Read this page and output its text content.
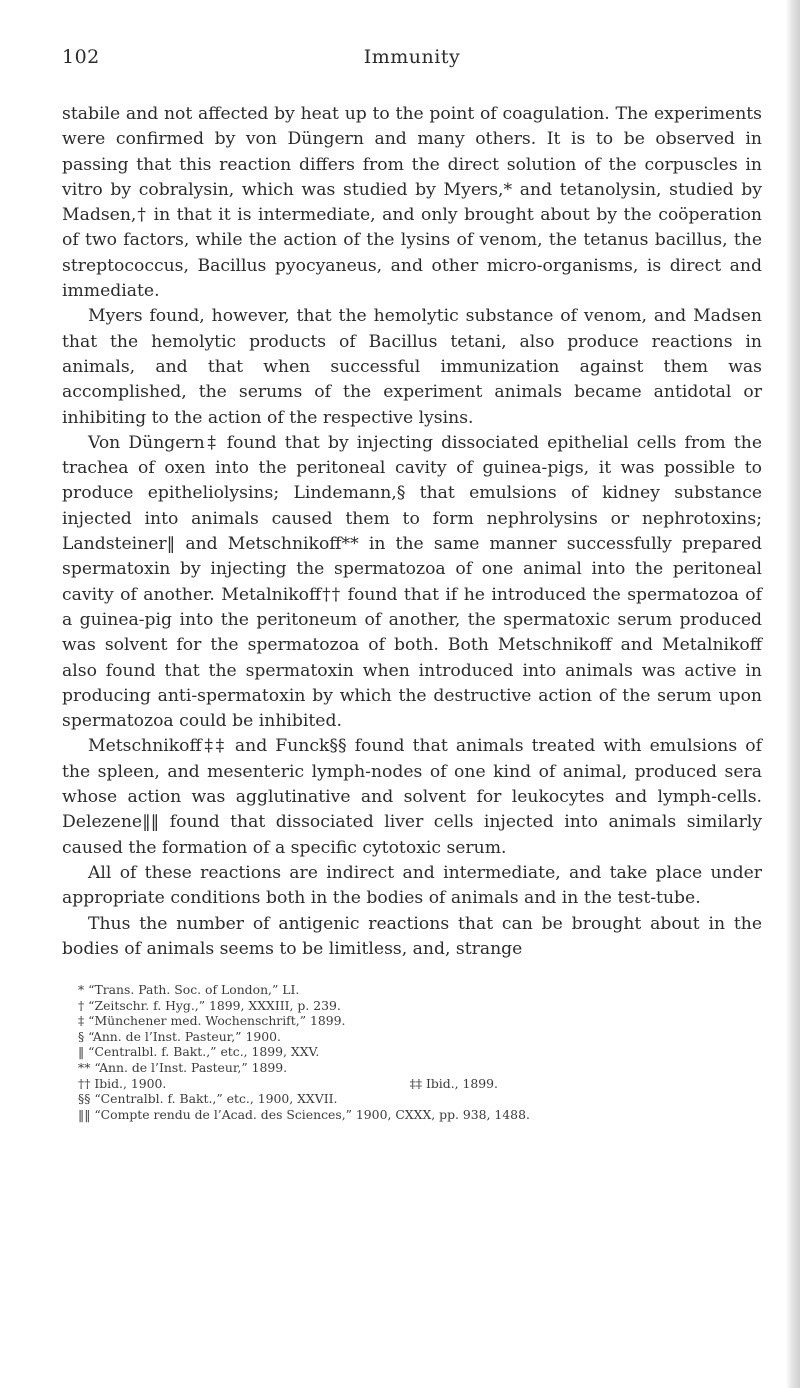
102	Immunity

stabile and not affected by heat up to the point of coagulation. The experiments were confirmed by von Düngern and many others. It is to be observed in passing that this reaction differs from the direct solution of the corpuscles in vitro by cobralysin, which was studied by Myers,* and tetanolysin, studied by Madsen,† in that it is intermediate, and only brought about by the coöperation of two factors, while the action of the lysins of venom, the tetanus bacillus, the streptococcus, Bacillus pyocyaneus, and other micro-organisms, is direct and immediate.

Myers found, however, that the hemolytic substance of venom, and Madsen that the hemolytic products of Bacillus tetani, also produce reactions in animals, and that when successful immunization against them was accomplished, the serums of the experiment animals became antidotal or inhibiting to the action of the respective lysins.

Von Düngern‡ found that by injecting dissociated epithelial cells from the trachea of oxen into the peritoneal cavity of guinea-pigs, it was possible to produce epitheliolysins; Lindemann,§ that emulsions of kidney substance injected into animals caused them to form nephrolysins or nephrotoxins; Landsteiner‖ and Metschnikoff** in the same manner successfully prepared spermatoxin by injecting the spermatozoa of one animal into the peritoneal cavity of another. Metalnikoff†† found that if he introduced the spermatozoa of a guinea-pig into the peritoneum of another, the spermatoxic serum produced was solvent for the spermatozoa of both. Both Metschnikoff and Metalnikoff also found that the spermatoxin when introduced into animals was active in producing anti-spermatoxin by which the destructive action of the serum upon spermatozoa could be inhibited.

Metschnikoff‡‡ and Funck§§ found that animals treated with emulsions of the spleen, and mesenteric lymph-nodes of one kind of animal, produced sera whose action was agglutinative and solvent for leukocytes and lymph-cells. Delezene‖‖ found that dissociated liver cells injected into animals similarly caused the formation of a specific cytotoxic serum.

All of these reactions are indirect and intermediate, and take place under appropriate conditions both in the bodies of animals and in the test-tube.

Thus the number of antigenic reactions that can be brought about in the bodies of animals seems to be limitless, and, strange

* “Trans. Path. Soc. of London,” LI.
† “Zeitschr. f. Hyg.,” 1899, XXXIII, p. 239.
‡ “Münchener med. Wochenschrift,” 1899.
§ “Ann. de l’Inst. Pasteur,” 1900.
‖ “Centralbl. f. Bakt.,” etc., 1899, XXV.
** “Ann. de l’Inst. Pasteur,” 1899.
†† Ibid., 1900.	‡‡ Ibid., 1899.
§§ “Centralbl. f. Bakt.,” etc., 1900, XXVII.
‖‖ “Compte rendu de l’Acad. des Sciences,” 1900, CXXX, pp. 938, 1488.
